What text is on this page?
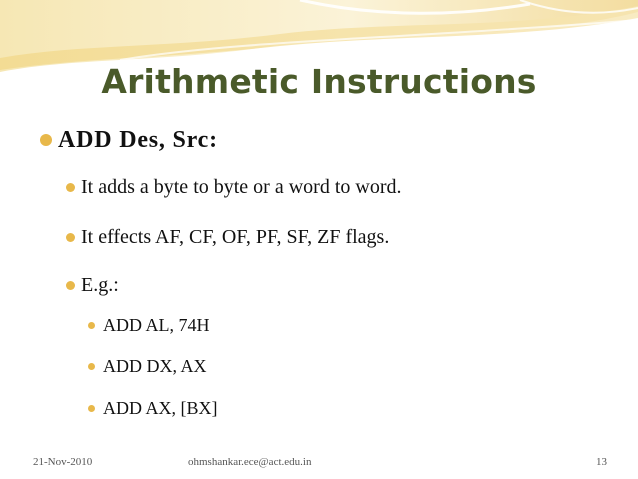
Arithmetic Instructions
ADD Des, Src:
It adds a byte to byte or a word to word.
It effects AF, CF, OF, PF, SF, ZF flags.
E.g.:
ADD AL, 74H
ADD DX, AX
ADD AX, [BX]
21-Nov-2010	ohmshankar.ece@act.edu.in	13
